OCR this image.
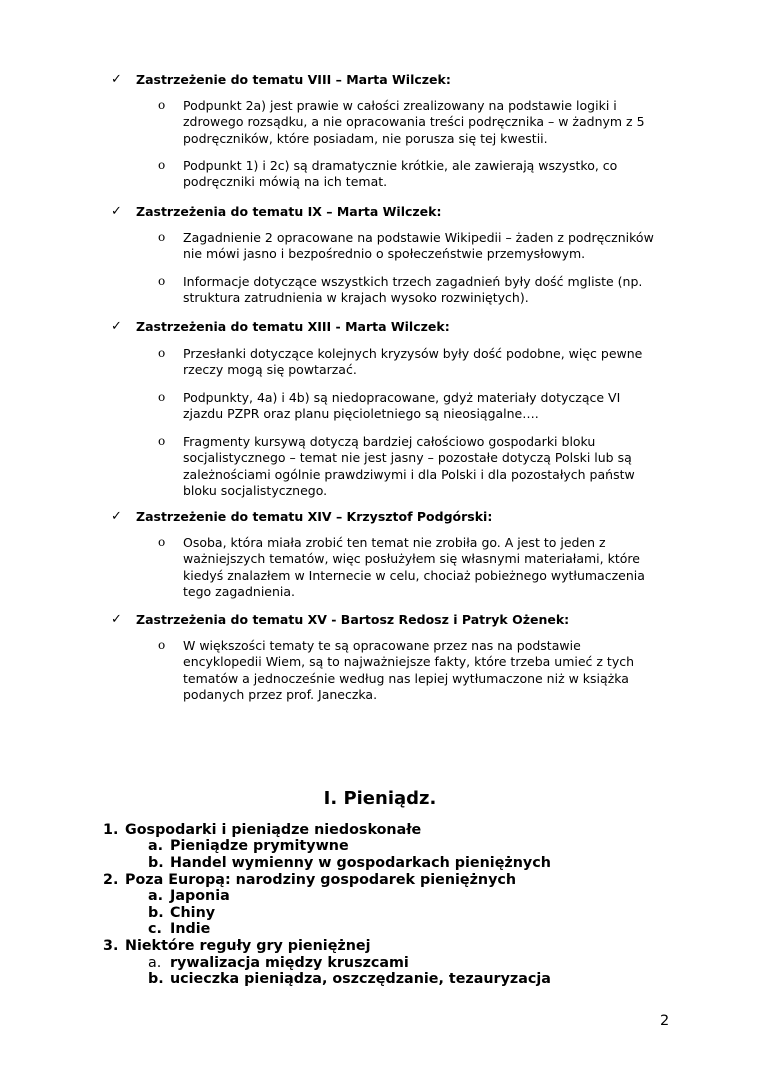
✓ Zastrzeżenie do tematu VIII – Marta Wilczek:
o Podpunkt 2a) jest prawie w całości zrealizowany na podstawie logiki i
zdrowego rozsądku, a nie opracowania treści podręcznika – w żadnym z 5
podręczników, które posiadam, nie porusza się tej kwestii.
o Podpunkt 1) i 2c) są dramatycznie krótkie, ale zawierają wszystko, co
podręczniki mówią na ich temat.
✓ Zastrzeżenia do tematu IX – Marta Wilczek:
o Zagadnienie 2 opracowane na podstawie Wikipedii – żaden z podręczników
nie mówi jasno i bezpośrednio o społeczeństwie przemysłowym.
o Informacje dotyczące wszystkich trzech zagadnień były dość mgliste (np.
struktura zatrudnienia w krajach wysoko rozwiniętych).
✓ Zastrzeżenia do tematu XIII - Marta Wilczek:
o Przesłanki dotyczące kolejnych kryzysów były dość podobne, więc pewne
rzeczy mogą się powtarzać.
o Podpunkty, 4a) i 4b) są niedopracowane, gdyż materiały dotyczące VI
zjazdu PZPR oraz planu pięcioletniego są nieosiągalne….
o Fragmenty kursywą dotyczą bardziej całościowo gospodarki bloku
socjalistycznego – temat nie jest jasny – pozostałe dotyczą Polski lub są
zależnościami ogólnie prawdziwymi i dla Polski i dla pozostałych państw
bloku socjalistycznego.
✓ Zastrzeżenie do tematu XIV – Krzysztof Podgórski:
o Osoba, która miała zrobić ten temat nie zrobiła go. A jest to jeden z
ważniejszych tematów, więc posłużyłem się własnymi materiałami, które
kiedyś znalazłem w Internecie w celu, chociaż pobieżnego wytłumaczenia
tego zagadnienia.
✓ Zastrzeżenia do tematu XV - Bartosz Redosz i Patryk Ożenek:
o W większości tematy te są opracowane przez nas na podstawie
encyklopedii Wiem, są to najważniejsze fakty, które trzeba umieć z tych
tematów a jednocześnie według nas lepiej wytłumaczone niż w książka
podanych przez prof. Janeczka.
I. Pieniądz.
1. Gospodarki i pieniądze niedoskonałe
a. Pieniądze prymitywne
b. Handel wymienny w gospodarkach pieniężnych
2. Poza Europą: narodziny gospodarek pieniężnych
a. Japonia
b. Chiny
c. Indie
3. Niektóre reguły gry pieniężnej
a. rywalizacja między kruszcami
b. ucieczka pieniądza, oszczędzanie, tezauryzacja
2
